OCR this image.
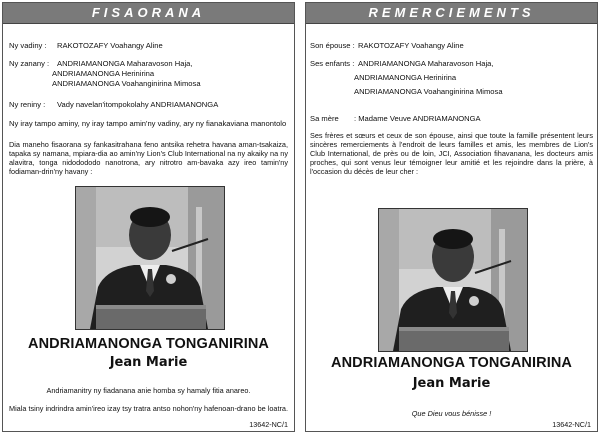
FISAORANA
Ny vadiny : RAKOTOZAFY Voahangy Aline
Ny zanany : ANDRIAMANONGA Maharavoson Haja,
ANDRIAMANONGA Herinirina
ANDRIAMANONGA Voahanginirina Mimosa
Ny reniny : Vady navelan'itompokolahy ANDRIAMANONGA
Ny iray tampo aminy, ny iray tampo amin'ny vadiny, ary ny fianakaviana manontolo
Dia maneho fisaorana sy fankasitrahana feno antsika rehetra havana aman-tsakaiza, tapaka sy namana, mpiara-dia ao amin'ny Lion's Club International na ny akaiky na ny alavitra, tonga nidodododo nanotrona, ary nitrotro am-bavaka azy ireo tamin'ny fodiaman-drin'ny havany :
ANDRIAMANONGA TONGANIRINA
Jean Marie
Andriamanitry ny fiadanana anie homba sy hamaly fitia anareo.
Miala tsiny indrindra amin'ireo izay tsy tratra antso nohon'ny hafenoan-drano be loatra.
13642-NC/1
REMERCIEMENTS
Son épouse : RAKOTOZAFY Voahangy Aline
Ses enfants : ANDRIAMANONGA Maharavoson Haja,
ANDRIAMANONGA Herinirina
ANDRIAMANONGA Voahanginirina Mimosa
Sa mère : Madame Veuve ANDRIAMANONGA
Ses frères et sœurs et ceux de son épouse, ainsi que toute la famille présentent leurs sincères remerciements à l'endroit de leurs familles et amis, les membres de Lion's Club International, de près ou de loin, JCI, Association fihavanana, les docteurs amis proches, qui sont venus leur témoigner leur amitié et les rejoindre dans la prière, à l'occasion du décès de leur cher :
ANDRIAMANONGA TONGANIRINA
Jean Marie
Que Dieu vous bénisse !
13642-NC/1
